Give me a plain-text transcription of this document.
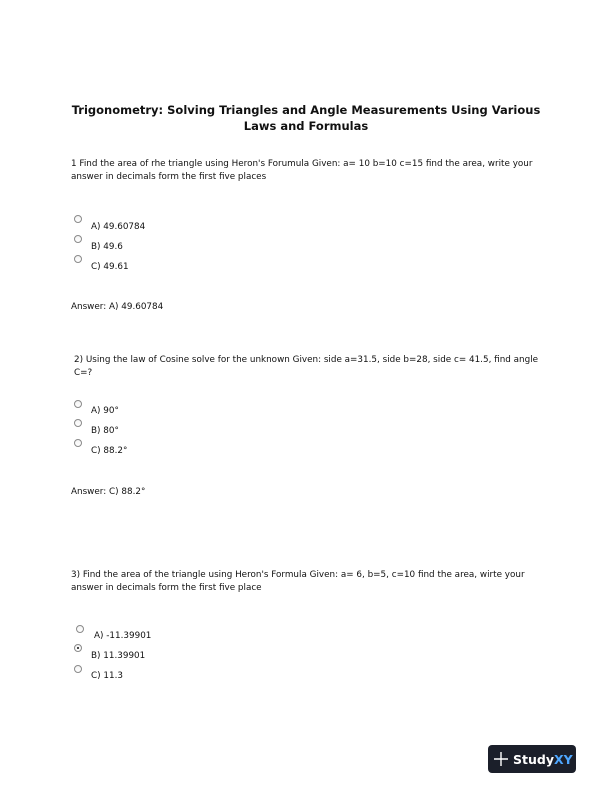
Trigonometry: Solving Triangles and Angle Measurements Using Various Laws and Formulas
1 Find the area of rhe triangle using Heron's Forumula Given: a= 10 b=10 c=15 find the area, write your answer in decimals form the first five places
A) 49.60784
B) 49.6
C) 49.61
Answer: A) 49.60784
2) Using the law of Cosine solve for the unknown Given: side a=31.5, side b=28, side c= 41.5, find angle C=?
A) 90°
B) 80°
C) 88.2°
Answer: C) 88.2°
3) Find the area of the triangle using Heron's Formula Given: a= 6, b=5, c=10 find the area, wirte your answer in decimals form the first five place
A) -11.39901
B) 11.39901
C) 11.3
Study XY
